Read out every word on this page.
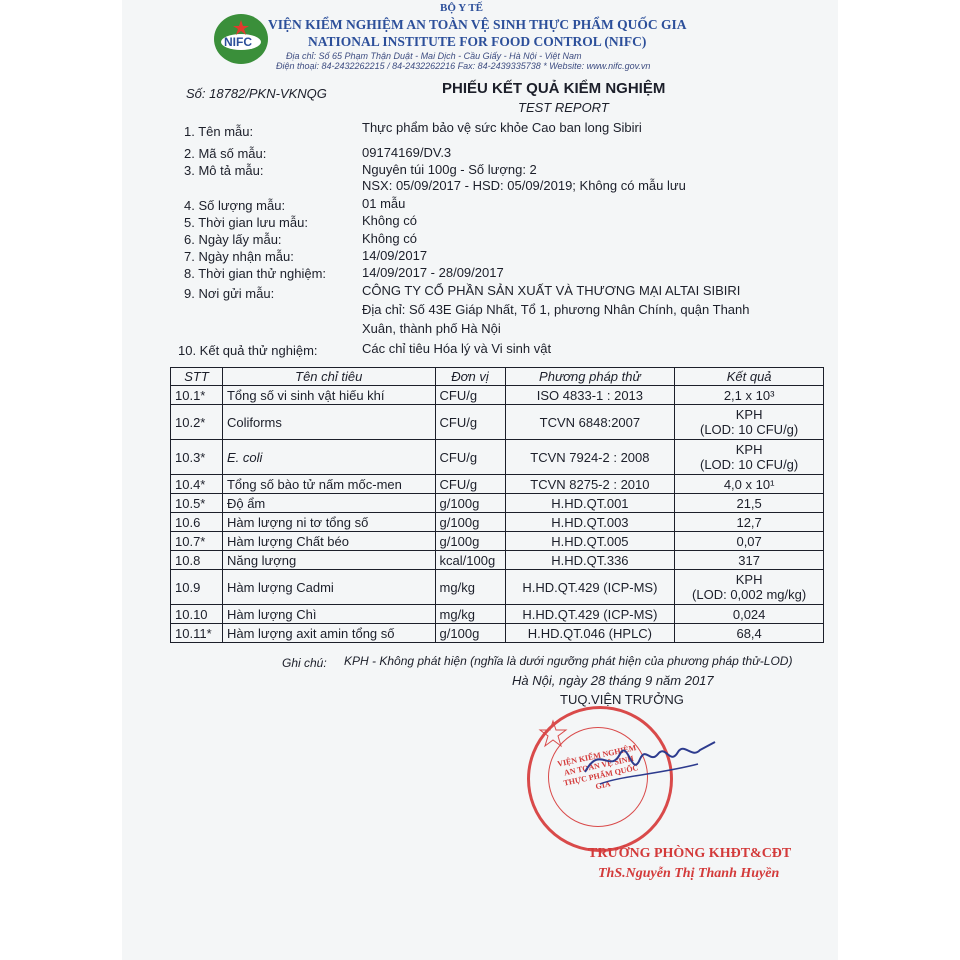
NIFC
BỘ Y TẾ
VIỆN KIỂM NGHIỆM AN TOÀN VỆ SINH THỰC PHẨM QUỐC GIA
NATIONAL INSTITUTE FOR FOOD CONTROL (NIFC)
Địa chỉ: Số 65 Phạm Thận Duật - Mai Dịch - Cầu Giấy - Hà Nội - Việt Nam
Điện thoại: 84-2432262215 / 84-2432262216 Fax: 84-2439335738 * Website: www.nifc.gov.vn
Số: 18782/PKN-VKNQG	PHIẾU KẾT QUẢ KIỂM NGHIỆM
TEST REPORT
1. Tên mẫu:	Thực phẩm bảo vệ sức khỏe Cao ban long Sibiri
2. Mã số mẫu:	09174169/DV.3
3. Mô tả mẫu:	Nguyên túi 100g - Số lượng: 2
NSX: 05/09/2017 - HSD: 05/09/2019; Không có mẫu lưu
4. Số lượng mẫu:	01 mẫu
5. Thời gian lưu mẫu:	Không có
6. Ngày lấy mẫu:	Không có
7. Ngày nhận mẫu:	14/09/2017
8. Thời gian thử nghiệm:	14/09/2017 - 28/09/2017
9. Nơi gửi mẫu:	CÔNG TY CỔ PHẦN SẢN XUẤT VÀ THƯƠNG MẠI ALTAI SIBIRI
Địa chỉ: Số 43E Giáp Nhất, Tổ 1, phương Nhân Chính, quận Thanh
Xuân, thành phố Hà Nội
10. Kết quả thử nghiệm:	Các chỉ tiêu Hóa lý và Vi sinh vật
STT	Tên chỉ tiêu	Đơn vị	Phương pháp thử	Kết quả
10.1*	Tổng số vi sinh vật hiếu khí	CFU/g	ISO 4833-1 : 2013	2,1 x 10³
10.2*	Coliforms	CFU/g	TCVN 6848:2007	KPH
(LOD: 10 CFU/g)

10.3*	E. coli	CFU/g	TCVN 7924-2 : 2008	KPH
(LOD: 10 CFU/g)

10.4*	Tổng số bào tử nấm mốc-men	CFU/g	TCVN 8275-2 : 2010	4,0 x 10¹
10.5*	Độ ẩm	g/100g	H.HD.QT.001	21,5
10.6	Hàm lượng ni tơ tổng số	g/100g	H.HD.QT.003	12,7
10.7*	Hàm lượng Chất béo	g/100g	H.HD.QT.005	0,07
10.8	Năng lượng	kcal/100g	H.HD.QT.336	317
10.9	Hàm lượng Cadmi	mg/kg	H.HD.QT.429 (ICP-MS)	KPH
(LOD: 0,002 mg/kg)

10.10	Hàm lượng Chì	mg/kg	H.HD.QT.429 (ICP-MS)	0,024
10.11*	Hàm lượng axit amin tổng số	g/100g	H.HD.QT.046 (HPLC)	68,4
Ghi chú: KPH - Không phát hiện (nghĩa là dưới ngưỡng phát hiện của phương pháp thử-LOD)
Hà Nội, ngày 28 tháng 9 năm 2017
TUQ.VIỆN TRƯỞNG
VIỆN KIỂM NGHIỆM AN TOÀN VỆ SINH THỰC PHẨM QUỐC GIA
TRƯỞNG PHÒNG KHĐT&CĐT
ThS.Nguyễn Thị Thanh Huyền
